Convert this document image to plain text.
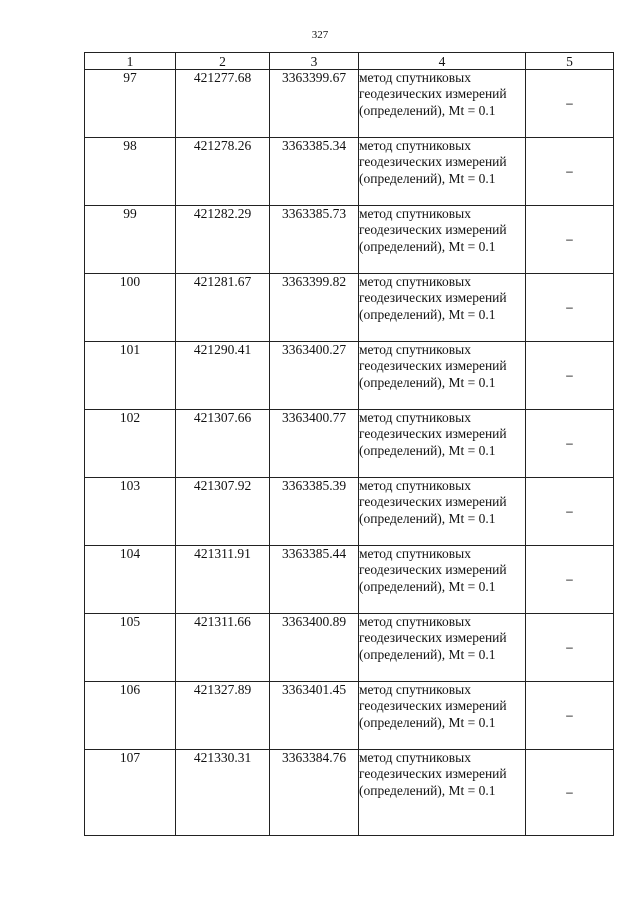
327
1	2	3	4	5
97	421277.68	3363399.67	метод спутниковых геодезических измерений (определений), Mt = 0.1	–
98	421278.26	3363385.34	метод спутниковых геодезических измерений (определений), Mt = 0.1	–
99	421282.29	3363385.73	метод спутниковых геодезических измерений (определений), Mt = 0.1	–
100	421281.67	3363399.82	метод спутниковых геодезических измерений (определений), Mt = 0.1	–
101	421290.41	3363400.27	метод спутниковых геодезических измерений (определений), Mt = 0.1	–
102	421307.66	3363400.77	метод спутниковых геодезических измерений (определений), Mt = 0.1	–
103	421307.92	3363385.39	метод спутниковых геодезических измерений (определений), Mt = 0.1	–
104	421311.91	3363385.44	метод спутниковых геодезических измерений (определений), Mt = 0.1	–
105	421311.66	3363400.89	метод спутниковых геодезических измерений (определений), Mt = 0.1	–
106	421327.89	3363401.45	метод спутниковых геодезических измерений (определений), Mt = 0.1	–
107	421330.31	3363384.76	метод спутниковых геодезических измерений (определений), Mt = 0.1	–
